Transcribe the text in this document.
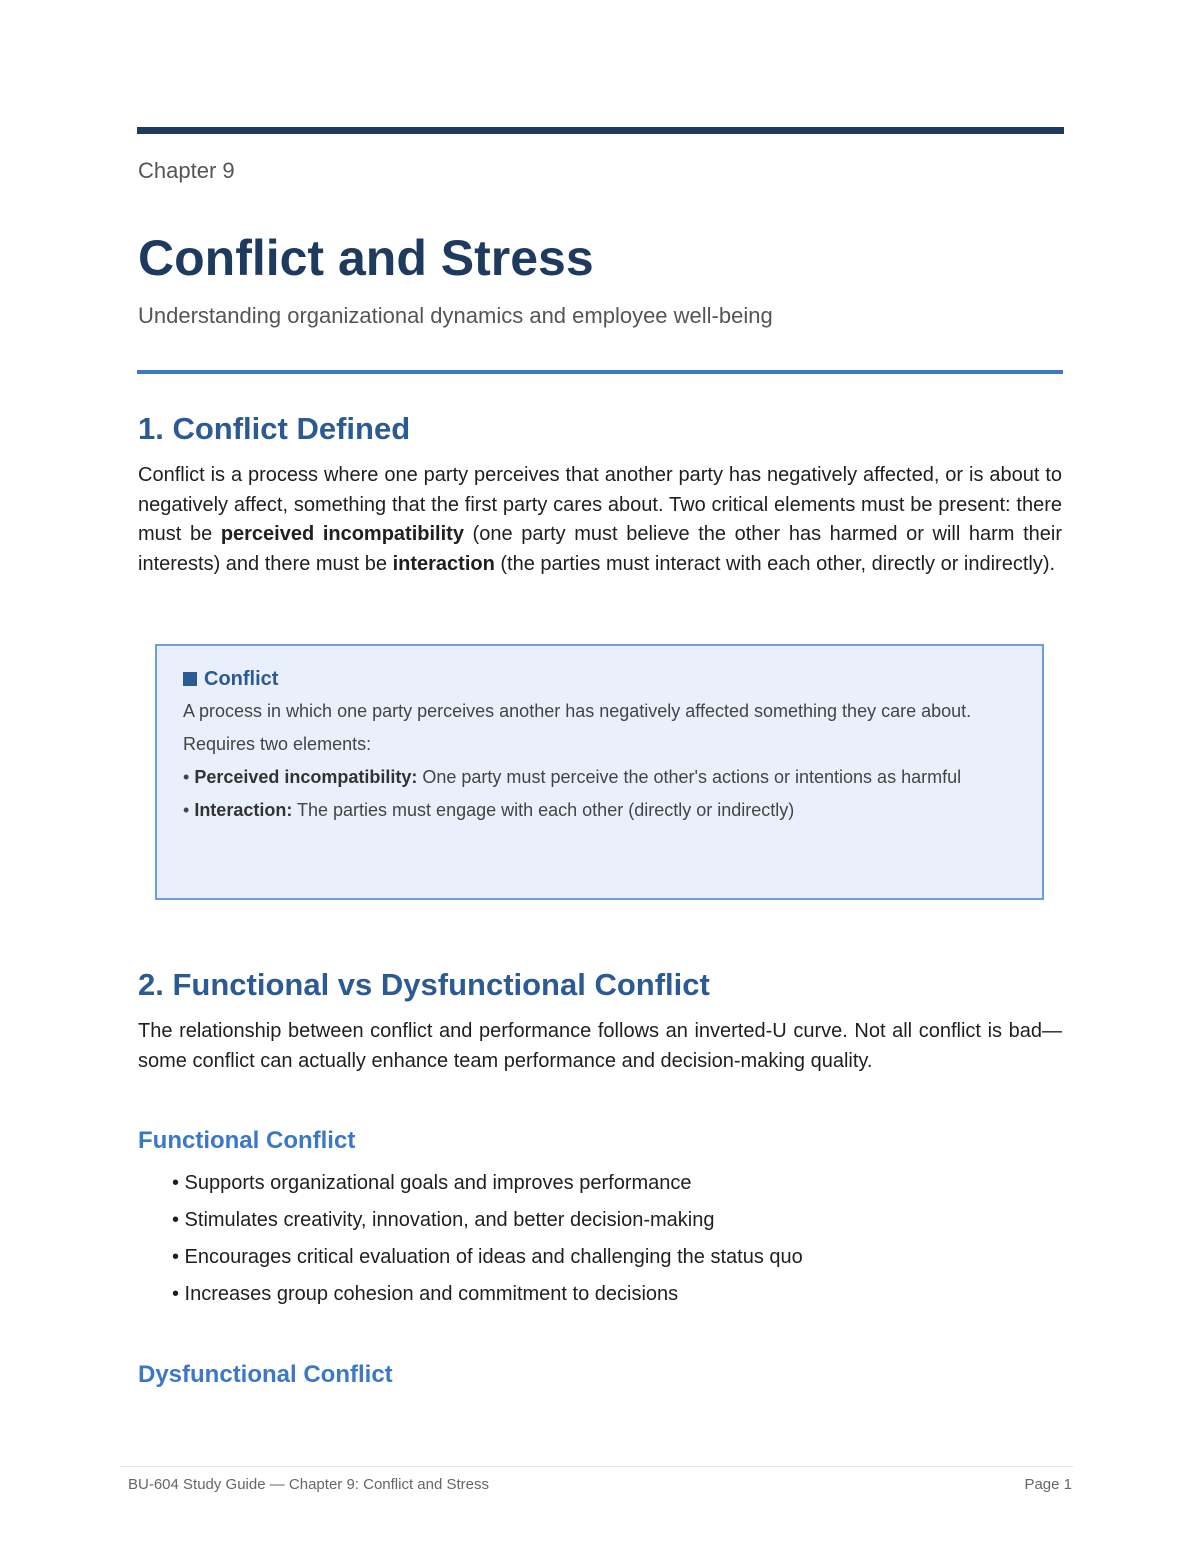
Chapter 9
Conflict and Stress
Understanding organizational dynamics and employee well-being
1. Conflict Defined

Conflict is a process where one party perceives that another party has negatively affected, or is about to negatively affect, something that the first party cares about. Two critical elements must be present: there must be perceived incompatibility (one party must believe the other has harmed or will harm their interests) and there must be interaction (the parties must interact with each other, directly or indirectly).

Conflict
A process in which one party perceives another has negatively affected something they care about.
Requires two elements:
• Perceived incompatibility: One party must perceive the other's actions or intentions as harmful
• Interaction: The parties must engage with each other (directly or indirectly)
2. Functional vs Dysfunctional Conflict

The relationship between conflict and performance follows an inverted-U curve. Not all conflict is bad—some conflict can actually enhance team performance and decision-making quality.

Functional Conflict
• Supports organizational goals and improves performance
• Stimulates creativity, innovation, and better decision-making
• Encourages critical evaluation of ideas and challenging the status quo
• Increases group cohesion and commitment to decisions
Dysfunctional Conflict
BU-604 Study Guide — Chapter 9: Conflict and Stress	Page 1
